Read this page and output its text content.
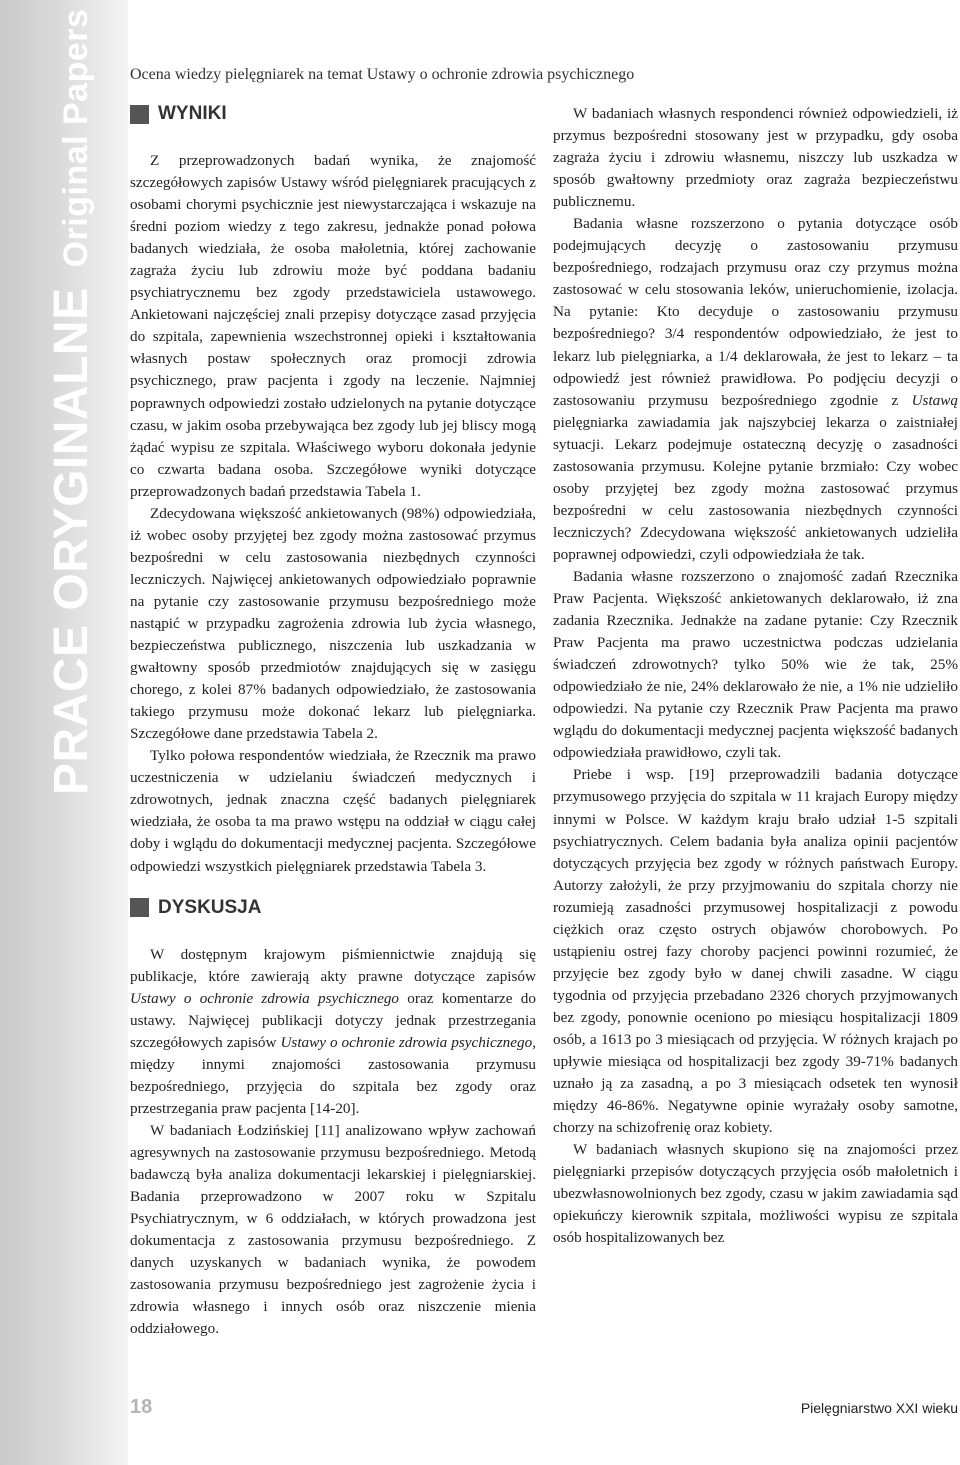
PRACE ORYGINALNEOriginal Papers Ocena wiedzy pielęgniarek na temat Ustawy o ochronie zdrowia psychicznego
WYNIKI

Z przeprowadzonych badań wynika, że znajomość szczegółowych zapisów Ustawy wśród pielęgniarek pracujących z osobami chorymi psychicznie jest niewystarczająca i wskazuje na średni poziom wiedzy z tego zakresu, jednakże ponad połowa badanych wiedziała, że osoba małoletnia, której zachowanie zagraża życiu lub zdrowiu może być poddana badaniu psychiatrycznemu bez zgody przedstawiciela ustawowego. Ankietowani najczęściej znali przepisy dotyczące zasad przyjęcia do szpitala, zapewnienia wszechstronnej opieki i kształtowania własnych postaw społecznych oraz promocji zdrowia psychicznego, praw pacjenta i zgody na leczenie. Najmniej poprawnych odpowiedzi zostało udzielonych na pytanie dotyczące czasu, w jakim osoba przebywająca bez zgody lub jej bliscy mogą żądać wypisu ze szpitala. Właściwego wyboru dokonała jedynie co czwarta badana osoba. Szczegółowe wyniki dotyczące przeprowadzonych badań przedstawia Tabela 1.

Zdecydowana większość ankietowanych (98%) odpowiedziała, iż wobec osoby przyjętej bez zgody można zastosować przymus bezpośredni w celu zastosowania niezbędnych czynności leczniczych. Najwięcej ankietowanych odpowiedziało poprawnie na pytanie czy zastosowanie przymusu bezpośredniego może nastąpić w przypadku zagrożenia zdrowia lub życia własnego, bezpieczeństwa publicznego, niszczenia lub uszkadzania w gwałtowny sposób przedmiotów znajdujących się w zasięgu chorego, z kolei 87% badanych odpowiedziało, że zastosowania takiego przymusu może dokonać lekarz lub pielęgniarka. Szczegółowe dane przedstawia Tabela 2.

Tylko połowa respondentów wiedziała, że Rzecznik ma prawo uczestniczenia w udzielaniu świadczeń medycznych i zdrowotnych, jednak znaczna część badanych pielęgniarek wiedziała, że osoba ta ma prawo wstępu na oddział w ciągu całej doby i wglądu do dokumentacji medycznej pacjenta. Szczegółowe odpowiedzi wszystkich pielęgniarek przedstawia Tabela 3.

DYSKUSJA

W dostępnym krajowym piśmiennictwie znajdują się publikacje, które zawierają akty prawne dotyczące zapisów Ustawy o ochronie zdrowia psychicznego oraz komentarze do ustawy. Najwięcej publikacji dotyczy jednak przestrzegania szczegółowych zapisów Ustawy o ochronie zdrowia psychicznego, między innymi znajomości zastosowania przymusu bezpośredniego, przyjęcia do szpitala bez zgody oraz przestrzegania praw pacjenta [14-20].

W badaniach Łodzińskiej [11] analizowano wpływ zachowań agresywnych na zastosowanie przymusu bezpośredniego. Metodą badawczą była analiza dokumentacji lekarskiej i pielęgniarskiej. Badania przeprowadzono w 2007 roku w Szpitalu Psychiatrycznym, w 6 oddziałach, w których prowadzona jest dokumentacja z zastosowania przymusu bezpośredniego. Z danych uzyskanych w badaniach wynika, że powodem zastosowania przymusu bezpośredniego jest zagrożenie życia i zdrowia własnego i innych osób oraz niszczenie mienia oddziałowego.

W badaniach własnych respondenci również odpowiedzieli, iż przymus bezpośredni stosowany jest w przypadku, gdy osoba zagraża życiu i zdrowiu własnemu, niszczy lub uszkadza w sposób gwałtowny przedmioty oraz zagraża bezpieczeństwu publicznemu.

Badania własne rozszerzono o pytania dotyczące osób podejmujących decyzję o zastosowaniu przymusu bezpośredniego, rodzajach przymusu oraz czy przymus można zastosować w celu stosowania leków, unieruchomienie, izolacja. Na pytanie: Kto decyduje o zastosowaniu przymusu bezpośredniego? 3/4 respondentów odpowiedziało, że jest to lekarz lub pielęgniarka, a 1/4 deklarowała, że jest to lekarz – ta odpowiedź jest również prawidłowa. Po podjęciu decyzji o zastosowaniu przymusu bezpośredniego zgodnie z Ustawą pielęgniarka zawiadamia jak najszybciej lekarza o zaistniałej sytuacji. Lekarz podejmuje ostateczną decyzję o zasadności zastosowania przymusu. Kolejne pytanie brzmiało: Czy wobec osoby przyjętej bez zgody można zastosować przymus bezpośredni w celu zastosowania niezbędnych czynności leczniczych? Zdecydowana większość ankietowanych udzieliła poprawnej odpowiedzi, czyli odpowiedziała że tak.

Badania własne rozszerzono o znajomość zadań Rzecznika Praw Pacjenta. Większość ankietowanych deklarowało, iż zna zadania Rzecznika. Jednakże na zadane pytanie: Czy Rzecznik Praw Pacjenta ma prawo uczestnictwa podczas udzielania świadczeń zdrowotnych? tylko 50% wie że tak, 25% odpowiedziało że nie, 24% deklarowało że nie, a 1% nie udzieliło odpowiedzi. Na pytanie czy Rzecznik Praw Pacjenta ma prawo wglądu do dokumentacji medycznej pacjenta większość badanych odpowiedziała prawidłowo, czyli tak.

Priebe i wsp. [19] przeprowadzili badania dotyczące przymusowego przyjęcia do szpitala w 11 krajach Europy między innymi w Polsce. W każdym kraju brało udział 1-5 szpitali psychiatrycznych. Celem badania była analiza opinii pacjentów dotyczących przyjęcia bez zgody w różnych państwach Europy. Autorzy założyli, że przy przyjmowaniu do szpitala chorzy nie rozumieją zasadności przymusowej hospitalizacji z powodu ciężkich oraz często ostrych objawów chorobowych. Po ustąpieniu ostrej fazy choroby pacjenci powinni rozumieć, że przyjęcie bez zgody było w danej chwili zasadne. W ciągu tygodnia od przyjęcia przebadano 2326 chorych przyjmowanych bez zgody, ponownie oceniono po miesiącu hospitalizacji 1809 osób, a 1613 po 3 miesiącach od przyjęcia. W różnych krajach po upływie miesiąca od hospitalizacji bez zgody 39-71% badanych uznało ją za zasadną, a po 3 miesiącach odsetek ten wynosił między 46-86%. Negatywne opinie wyrażały osoby samotne, chorzy na schizofrenię oraz kobiety.

W badaniach własnych skupiono się na znajomości przez pielęgniarki przepisów dotyczących przyjęcia osób małoletnich i ubezwłasnowolnionych bez zgody, czasu w jakim zawiadamia sąd opiekuńczy kierownik szpitala, możliwości wypisu ze szpitala osób hospitalizowanych bez

18	Pielęgniarstwo XXI wieku
